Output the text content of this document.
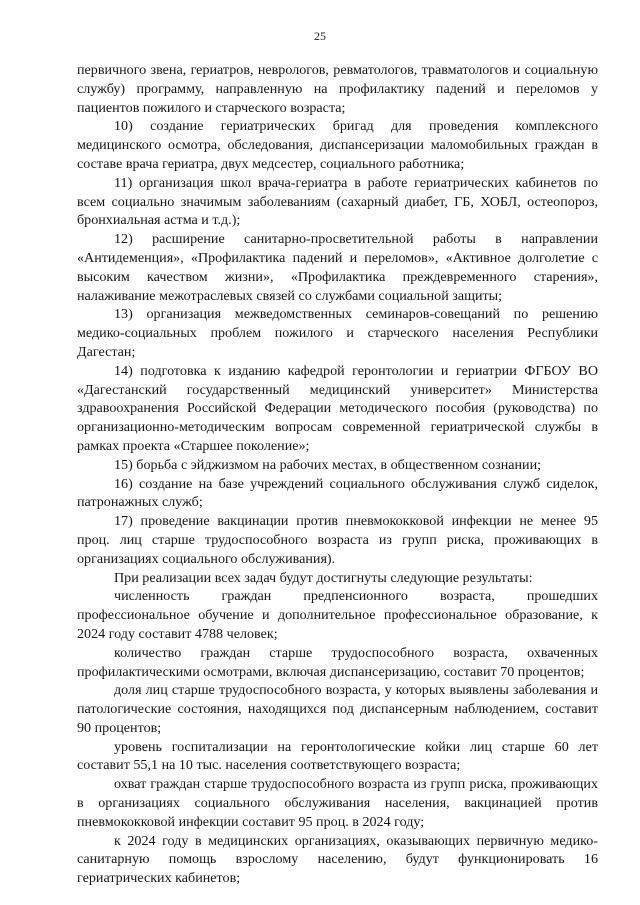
25

первичного звена, гериатров, неврологов, ревматологов, травматологов и социальную службу) программу, направленную на профилактику падений и переломов у пациентов пожилого и старческого возраста;

10) создание гериатрических бригад для проведения комплексного медицинского осмотра, обследования, диспансеризации маломобильных граждан в составе врача гериатра, двух медсестер, социального работника;

11) организация школ врача-гериатра в работе гериатрических кабинетов по всем социально значимым заболеваниям (сахарный диабет, ГБ, ХОБЛ, остеопороз, бронхиальная астма и т.д.);

12) расширение санитарно-просветительной работы в направлении «Антидеменция», «Профилактика падений и переломов», «Активное долголетие с высоким качеством жизни», «Профилактика преждевременного старения», налаживание межотраслевых связей со службами социальной защиты;

13) организация межведомственных семинаров-совещаний по решению медико-социальных проблем пожилого и старческого населения Республики Дагестан;

14) подготовка к изданию кафедрой геронтологии и гериатрии ФГБОУ ВО «Дагестанский государственный медицинский университет» Министерства здравоохранения Российской Федерации методического пособия (руководства) по организационно-методическим вопросам современной гериатрической службы в рамках проекта «Старшее поколение»;

15) борьба с эйджизмом на рабочих местах, в общественном сознании;

16) создание на базе учреждений социального обслуживания служб сиделок, патронажных служб;

17) проведение вакцинации против пневмококковой инфекции не менее 95 проц. лиц старше трудоспособного возраста из групп риска, проживающих в организациях социального обслуживания).

При реализации всех задач будут достигнуты следующие результаты:

численность граждан предпенсионного возраста, прошедших профессиональное обучение и дополнительное профессиональное образование, к 2024 году составит 4788 человек;

количество граждан старше трудоспособного возраста, охваченных профилактическими осмотрами, включая диспансеризацию, составит 70 процентов;

доля лиц старше трудоспособного возраста, у которых выявлены заболевания и патологические состояния, находящихся под диспансерным наблюдением, составит 90 процентов;

уровень госпитализации на геронтологические койки лиц старше 60 лет составит 55,1 на 10 тыс. населения соответствующего возраста;

охват граждан старше трудоспособного возраста из групп риска, проживающих в организациях социального обслуживания населения, вакцинацией против пневмококковой инфекции составит 95 проц. в 2024 году;

к 2024 году в медицинских организациях, оказывающих первичную медико-санитарную помощь взрослому населению, будут функционировать 16 гериатрических кабинетов;
